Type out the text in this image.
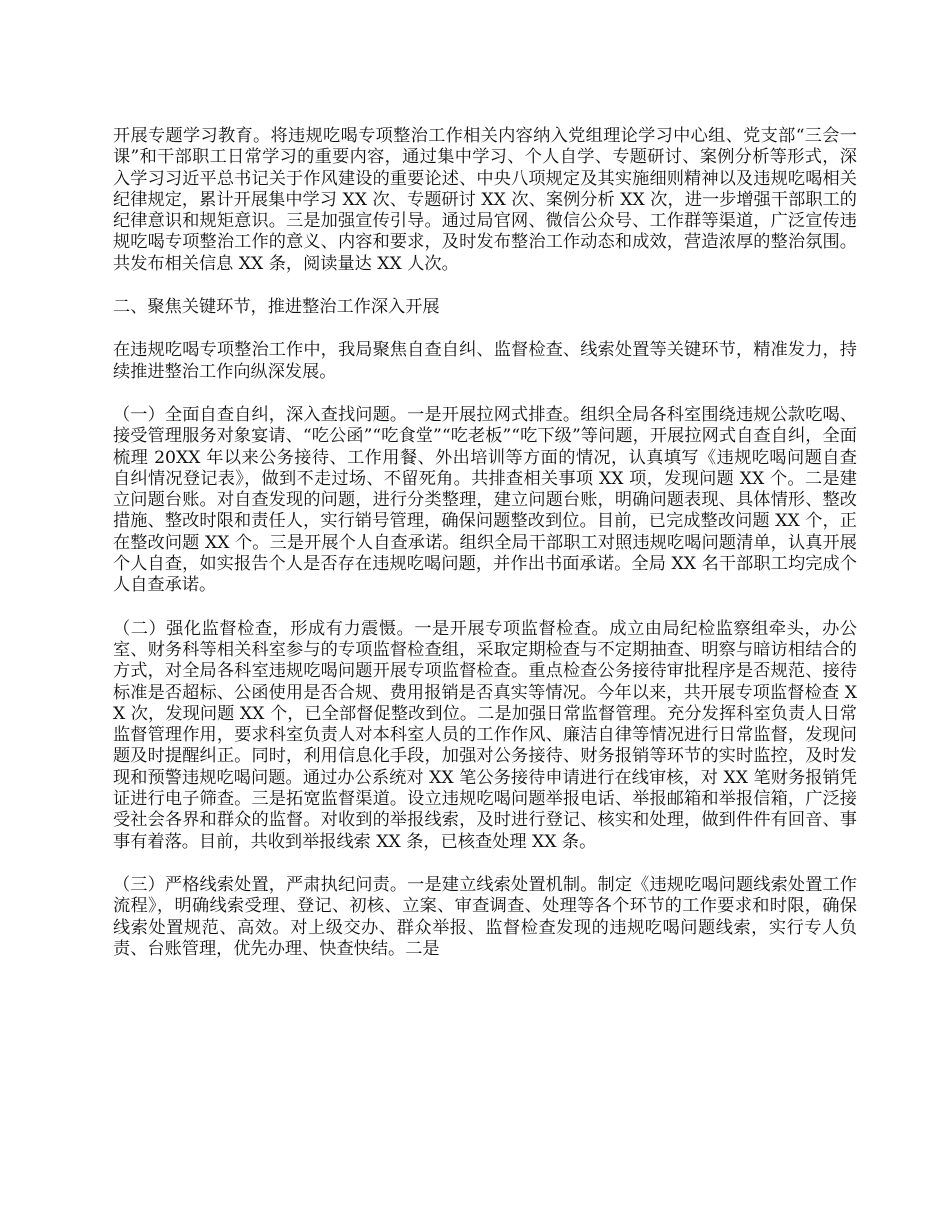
开展专题学习教育。将违规吃喝专项整治工作相关内容纳入党组理论学习中心组、党支部“三会一课”和干部职工日常学习的重要内容，通过集中学习、个人自学、专题研讨、案例分析等形式，深入学习习近平总书记关于作风建设的重要论述、中央八项规定及其实施细则精神以及违规吃喝相关纪律规定，累计开展集中学习 XX 次、专题研讨 XX 次、案例分析 XX 次，进一步增强干部职工的纪律意识和规矩意识。三是加强宣传引导。通过局官网、微信公众号、工作群等渠道，广泛宣传违规吃喝专项整治工作的意义、内容和要求，及时发布整治工作动态和成效，营造浓厚的整治氛围。共发布相关信息 XX 条，阅读量达 XX 人次。

二、聚焦关键环节，推进整治工作深入开展

在违规吃喝专项整治工作中，我局聚焦自查自纠、监督检查、线索处置等关键环节，精准发力，持续推进整治工作向纵深发展。

（一）全面自查自纠，深入查找问题。一是开展拉网式排查。组织全局各科室围绕违规公款吃喝、接受管理服务对象宴请、“吃公函”“吃食堂”“吃老板”“吃下级”等问题，开展拉网式自查自纠，全面梳理 20XX 年以来公务接待、工作用餐、外出培训等方面的情况，认真填写《违规吃喝问题自查自纠情况登记表》，做到不走过场、不留死角。共排查相关事项 XX 项，发现问题 XX 个。二是建立问题台账。对自查发现的问题，进行分类整理，建立问题台账，明确问题表现、具体情形、整改措施、整改时限和责任人，实行销号管理，确保问题整改到位。目前，已完成整改问题 XX 个，正在整改问题 XX 个。三是开展个人自查承诺。组织全局干部职工对照违规吃喝问题清单，认真开展个人自查，如实报告个人是否存在违规吃喝问题，并作出书面承诺。全局 XX 名干部职工均完成个人自查承诺。

（二）强化监督检查，形成有力震慑。一是开展专项监督检查。成立由局纪检监察组牵头，办公室、财务科等相关科室参与的专项监督检查组，采取定期检查与不定期抽查、明察与暗访相结合的方式，对全局各科室违规吃喝问题开展专项监督检查。重点检查公务接待审批程序是否规范、接待标准是否超标、公函使用是否合规、费用报销是否真实等情况。今年以来，共开展专项监督检查 XX 次，发现问题 XX 个，已全部督促整改到位。二是加强日常监督管理。充分发挥科室负责人日常监督管理作用，要求科室负责人对本科室人员的工作作风、廉洁自律等情况进行日常监督，发现问题及时提醒纠正。同时，利用信息化手段，加强对公务接待、财务报销等环节的实时监控，及时发现和预警违规吃喝问题。通过办公系统对 XX 笔公务接待申请进行在线审核，对 XX 笔财务报销凭证进行电子筛查。三是拓宽监督渠道。设立违规吃喝问题举报电话、举报邮箱和举报信箱，广泛接受社会各界和群众的监督。对收到的举报线索，及时进行登记、核实和处理，做到件件有回音、事事有着落。目前，共收到举报线索 XX 条，已核查处理 XX 条。

（三）严格线索处置，严肃执纪问责。一是建立线索处置机制。制定《违规吃喝问题线索处置工作流程》，明确线索受理、登记、初核、立案、审查调查、处理等各个环节的工作要求和时限，确保线索处置规范、高效。对上级交办、群众举报、监督检查发现的违规吃喝问题线索，实行专人负责、台账管理，优先办理、快查快结。二是
